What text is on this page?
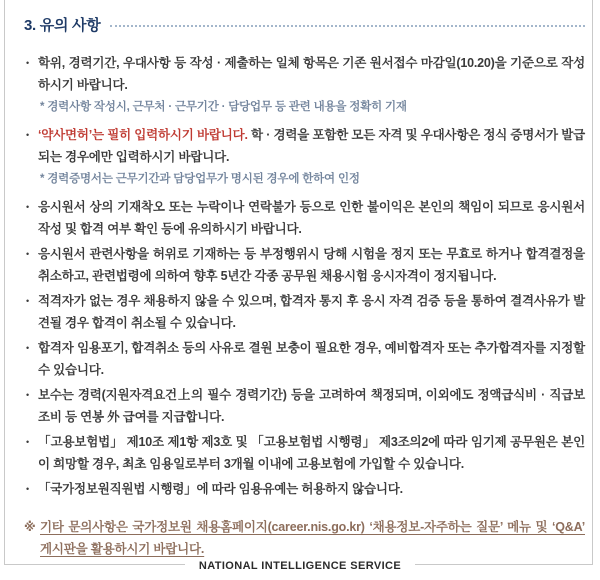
3. 유의 사항
• 학위, 경력기간, 우대사항 등 작성 · 제출하는 일체 항목은 기존 원서접수 마감일(10.20)을 기준으로 작성하시기 바랍니다.
* 경력사항 작성시, 근무처 · 근무기간 · 담당업무 등 관련 내용을 정확히 기재
• ‘약사면허’는 필히 입력하시기 바랍니다. 학 · 경력을 포함한 모든 자격 및 우대사항은 정식 증명서가 발급되는 경우에만 입력하시기 바랍니다.
* 경력증명서는 근무기간과 담당업무가 명시된 경우에 한하여 인정
• 응시원서 상의 기재착오 또는 누락이나 연락불가 등으로 인한 불이익은 본인의 책임이 되므로 응시원서 작성 및 합격 여부 확인 등에 유의하시기 바랍니다.
• 응시원서 관련사항을 허위로 기재하는 등 부정행위시 당해 시험을 정지 또는 무효로 하거나 합격결정을 취소하고, 관련법령에 의하여 향후 5년간 각종 공무원 채용시험 응시자격이 정지됩니다.
• 적격자가 없는 경우 채용하지 않을 수 있으며, 합격자 통지 후 응시 자격 검증 등을 통하여 결격사유가 발견될 경우 합격이 취소될 수 있습니다.
• 합격자 임용포기, 합격취소 등의 사유로 결원 보충이 필요한 경우, 예비합격자 또는 추가합격자를 지정할 수 있습니다.
• 보수는 경력(지원자격요건上의 필수 경력기간) 등을 고려하여 책정되며, 이외에도 정액급식비 · 직급보조비 등 연봉 外 급여를 지급합니다.
• 「고용보험법」 제10조 제1항 제3호 및 「고용보험법 시행령」 제3조의2에 따라 임기제 공무원은 본인이 희망할 경우, 최초 임용일로부터 3개월 이내에 고용보험에 가입할 수 있습니다.
• 「국가정보원직원법 시행령」에 따라 임용유예는 허용하지 않습니다.
※ 기타 문의사항은 국가정보원 채용홈페이지(career.nis.go.kr) ‘채용정보-자주하는 질문’ 메뉴 및 ‘Q&A’ 게시판을 활용하시기 바랍니다.
NATIONAL INTELLIGENCE SERVICE
